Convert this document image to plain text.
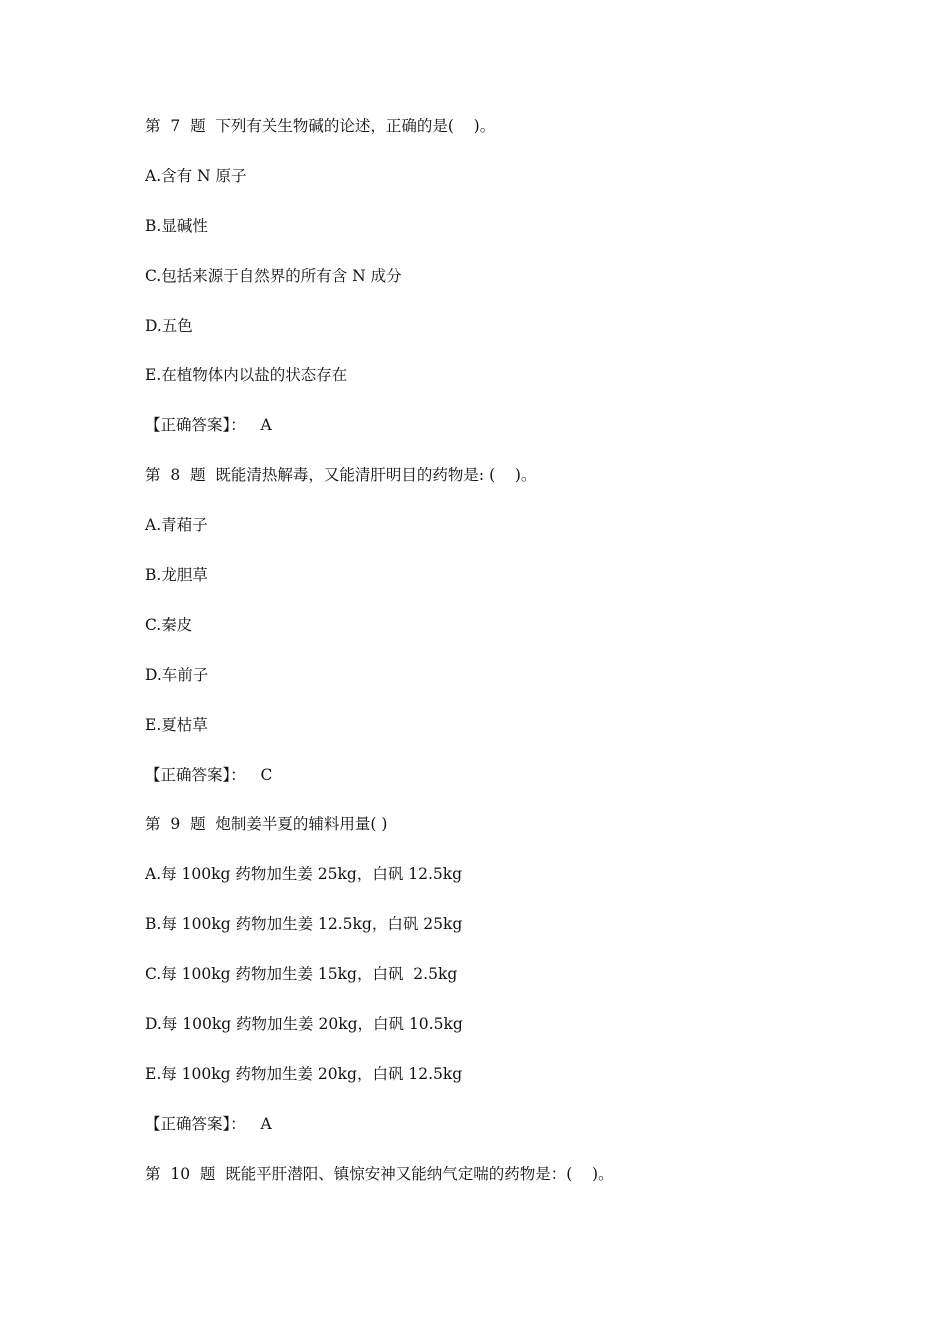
第  7  题  下列有关生物碱的论述，正确的是(    )。
A.含有 N 原子
B.显碱性
C.包括来源于自然界的所有含 N 成分
D.五色
E.在植物体内以盐的状态存在
【正确答案】：   A
第  8  题  既能清热解毒，又能清肝明目的药物是: (    )。
A.青葙子
B.龙胆草
C.秦皮
D.车前子
E.夏枯草
【正确答案】：   C
第  9  题  炮制姜半夏的辅料用量( )
A.每 100kg 药物加生姜 25kg，白矾 12.5kg
B.每 100kg 药物加生姜 12.5kg，白矾 25kg
C.每 100kg 药物加生姜 15kg，白矾  2.5kg
D.每 100kg 药物加生姜 20kg，白矾 10.5kg
E.每 100kg 药物加生姜 20kg，白矾 12.5kg
【正确答案】：   A
第  10  题  既能平肝潜阳、镇惊安神又能纳气定喘的药物是：(    )。
